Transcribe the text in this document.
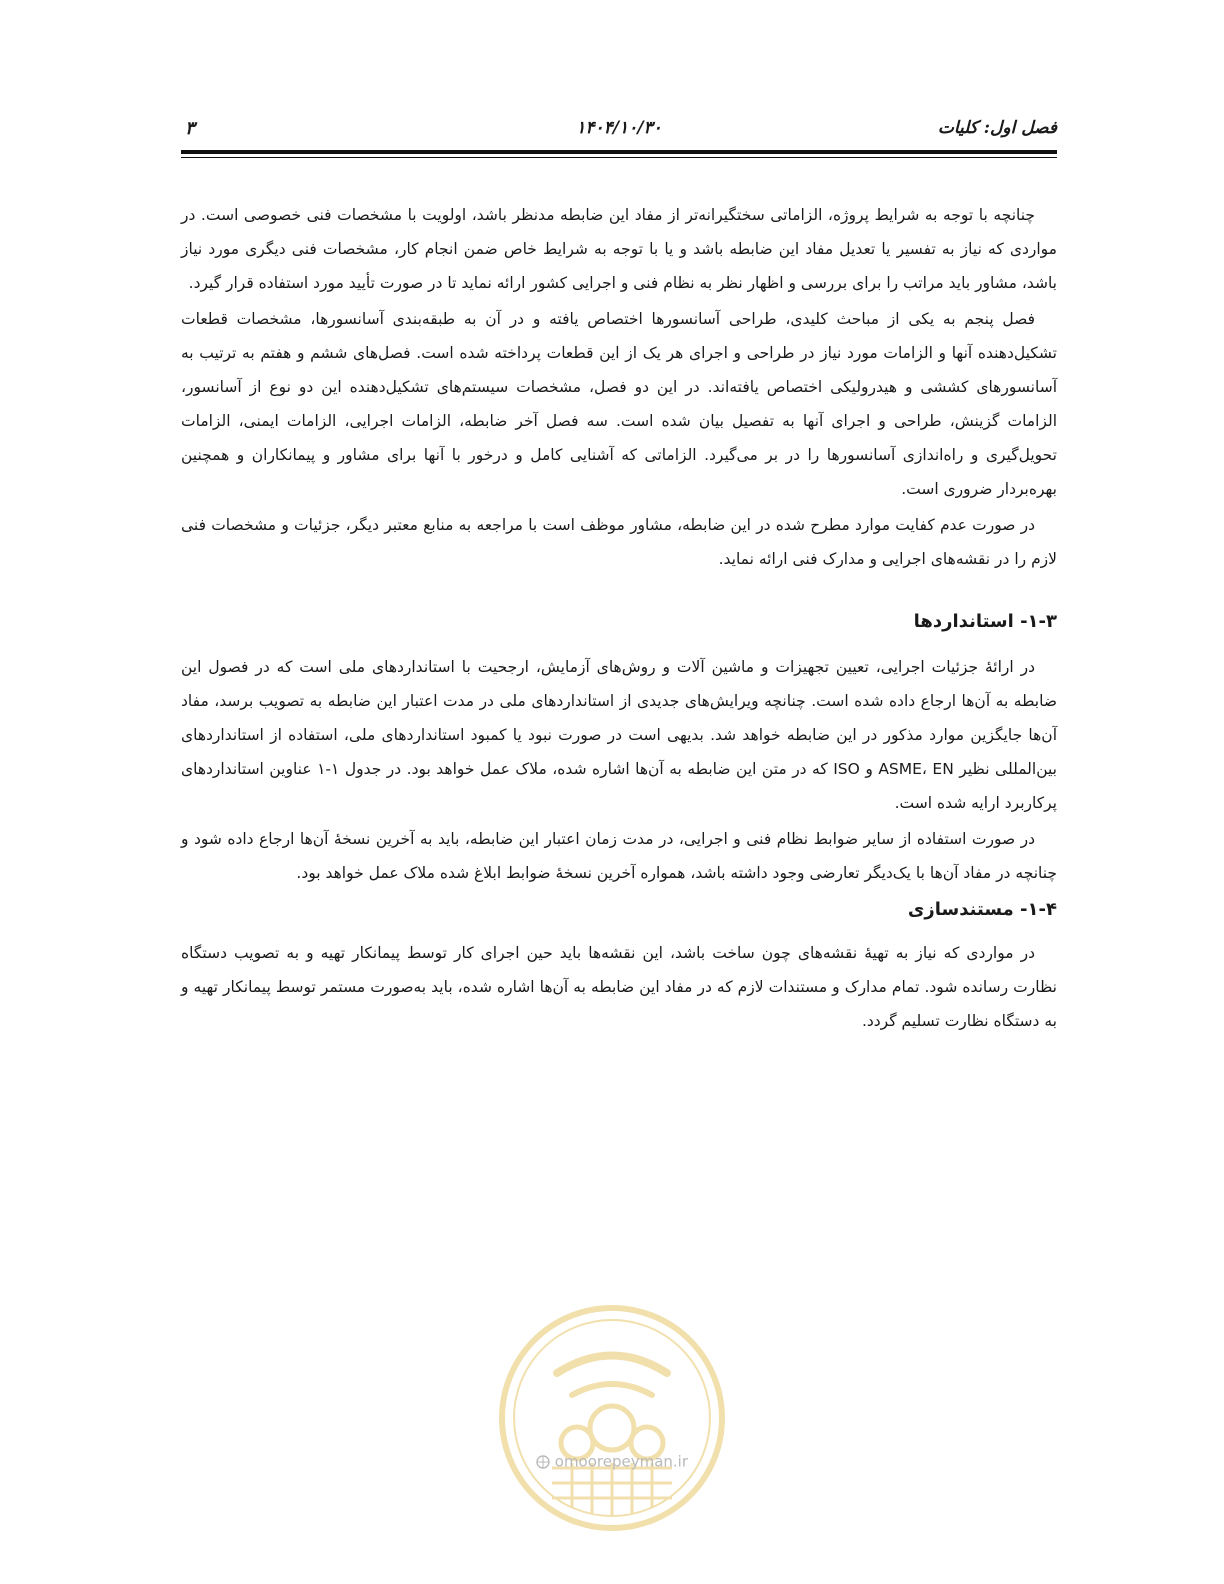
فصل اول: کلیات
۱۴۰۴/۱۰/۳۰
۳

چنانچه با توجه به شرایط پروژه، الزاماتی سختگیرانه‌تر از مفاد این ضابطه مدنظر باشد، اولویت با مشخصات فنی خصوصی است. در مواردی که نیاز به تفسیر یا تعدیل مفاد این ضابطه باشد و یا با توجه به شرایط خاص ضمن انجام کار، مشخصات فنی دیگری مورد نیاز باشد، مشاور باید مراتب را برای بررسی و اظهار نظر به نظام فنی و اجرایی کشور ارائه نماید تا در صورت تأیید مورد استفاده قرار گیرد.

فصل پنجم به یکی از مباحث کلیدی، طراحی آسانسورها اختصاص یافته و در آن به طبقه‌بندی آسانسورها، مشخصات قطعات تشکیل‌دهنده آنها و الزامات مورد نیاز در طراحی و اجرای هر یک از این قطعات پرداخته شده است. فصل‌های ششم و هفتم به ترتیب به آسانسورهای کششی و هیدرولیکی اختصاص یافته‌اند. در این دو فصل، مشخصات سیستم‌های تشکیل‌دهنده این دو نوع از آسانسور، الزامات گزینش، طراحی و اجرای آنها به تفصیل بیان شده است. سه فصل آخر ضابطه، الزامات اجرایی، الزامات ایمنی، الزامات تحویل‌گیری و راه‌اندازی آسانسورها را در بر می‌گیرد. الزاماتی که آشنایی کامل و درخور با آنها برای مشاور و پیمانکاران و همچنین بهره‌بردار ضروری است.

در صورت عدم کفایت موارد مطرح شده در این ضابطه، مشاور موظف است با مراجعه به منابع معتبر دیگر، جزئیات و مشخصات فنی لازم را در نقشه‌های اجرایی و مدارک فنی ارائه نماید.

۱-۳- استانداردها

در ارائهٔ جزئیات اجرایی، تعیین تجهیزات و ماشین آلات و روش‌های آزمایش، ارجحیت با استانداردهای ملی است که در فصول این ضابطه به آن‌ها ارجاع داده شده است. چنانچه ویرایش‌های جدیدی از استانداردهای ملی در مدت اعتبار این ضابطه به تصویب برسد، مفاد آن‌ها جایگزین موارد مذکور در این ضابطه خواهد شد. بدیهی است در صورت نبود یا کمبود استانداردهای ملی، استفاده از استانداردهای بین‌المللی نظیر ASME، EN و ISO که در متن این ضابطه به آن‌ها اشاره شده، ملاک عمل خواهد بود. در جدول ۱-۱ عناوین استانداردهای پرکاربرد ارایه شده است.

در صورت استفاده از سایر ضوابط نظام فنی و اجرایی، در مدت زمان اعتبار این ضابطه، باید به آخرین نسخهٔ آن‌ها ارجاع داده شود و چنانچه در مفاد آن‌ها با یک‌دیگر تعارضی وجود داشته باشد، همواره آخرین نسخهٔ ضوابط ابلاغ شده ملاک عمل خواهد بود.

۱-۴- مستندسازی

در مواردی که نیاز به تهیهٔ نقشه‌های چون ساخت باشد، این نقشه‌ها باید حین اجرای کار توسط پیمانکار تهیه و به تصویب دستگاه نظارت رسانده شود. تمام مدارک و مستندات لازم که در مفاد این ضابطه به آن‌ها اشاره شده، باید به‌صورت مستمر توسط پیمانکار تهیه و به دستگاه نظارت تسلیم گردد.

omoorepeyman.ir
